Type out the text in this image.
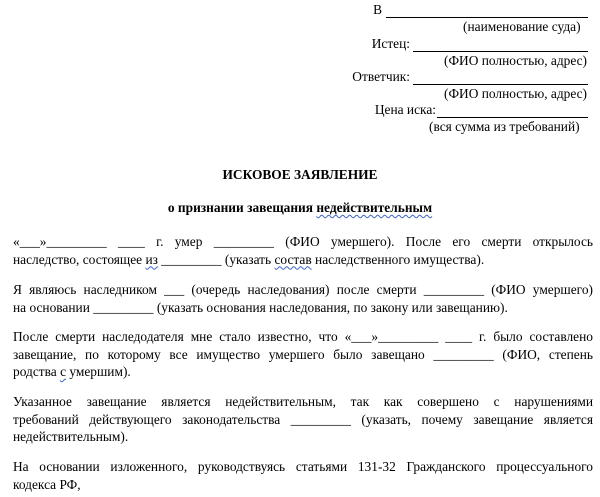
В
(наименование суда)
Истец:
(ФИО полностью, адрес)
Ответчик:
(ФИО полностью, адрес)
Цена иска:
(вся сумма из требований)
ИСКОВОЕ ЗАЯВЛЕНИЕ
о признании завещания недействительным
«___»_________ ____ г. умер _________ (ФИО умершего). После его смерти открылось
наследство, состоящее из _________ (указать состав наследственного имущества).
Я являюсь наследником ___ (очередь наследования) после смерти _________ (ФИО умершего)
на основании _________ (указать основания наследования, по закону или завещанию).
После смерти наследодателя мне стало известно, что «___»_________ ____ г. было составлено
завещание, по которому все имущество умершего было завещано _________ (ФИО, степень
родства с умершим).
Указанное завещание является недействительным, так как совершено с нарушениями
требований действующего законодательства _________ (указать, почему завещание является
недействительным).
На основании изложенного, руководствуясь статьями 131-32 Гражданского процессуального
кодекса РФ,
